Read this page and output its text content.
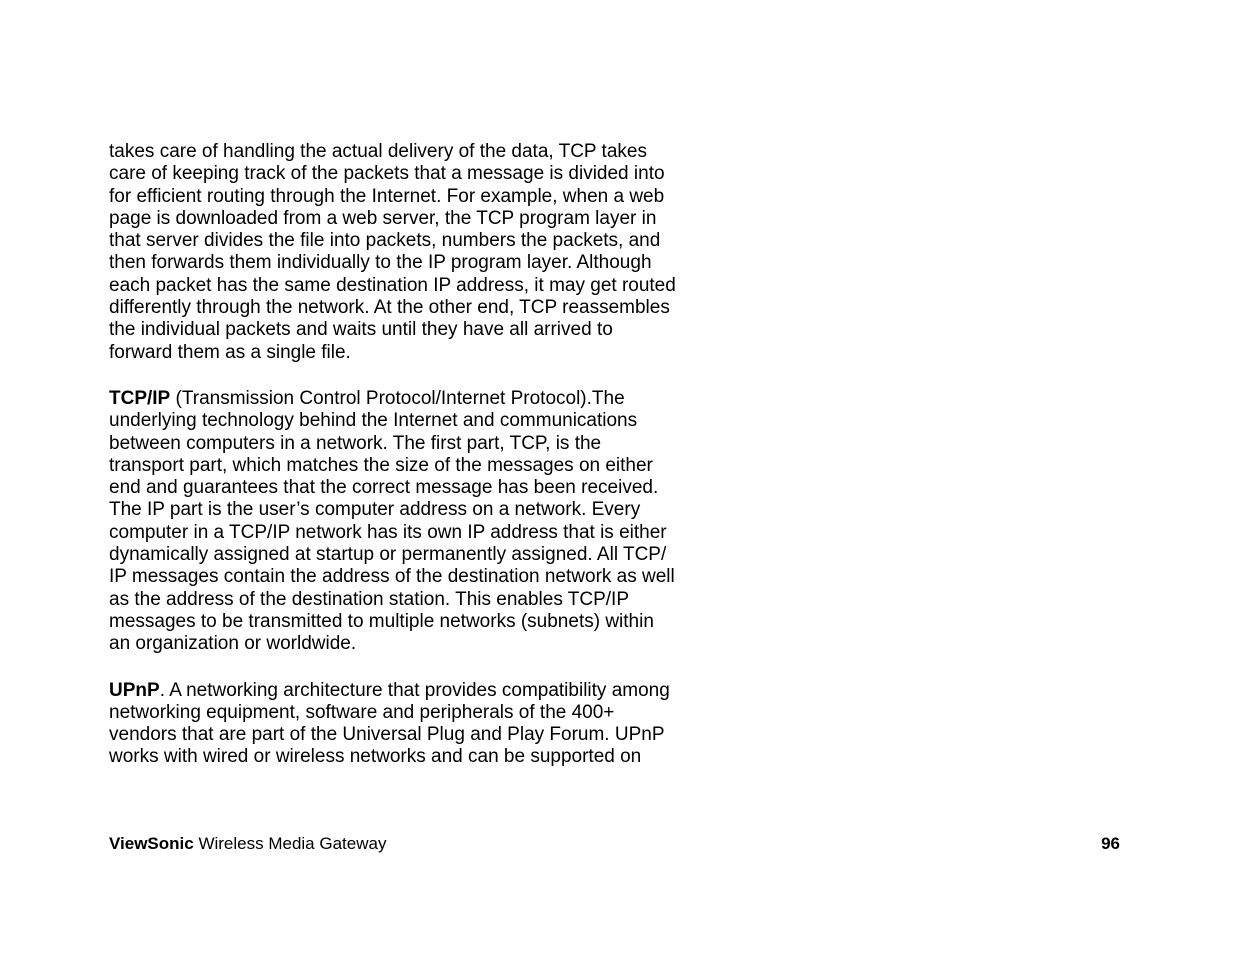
takes care of handling the actual delivery of the data, TCP takes
care of keeping track of the packets that a message is divided into
for efficient routing through the Internet. For example, when a web
page is downloaded from a web server, the TCP program layer in
that server divides the file into packets, numbers the packets, and
then forwards them individually to the IP program layer. Although
each packet has the same destination IP address, it may get routed
differently through the network. At the other end, TCP reassembles
the individual packets and waits until they have all arrived to
forward them as a single file.

TCP/IP (Transmission Control Protocol/Internet Protocol).The
underlying technology behind the Internet and communications
between computers in a network. The first part, TCP, is the
transport part, which matches the size of the messages on either
end and guarantees that the correct message has been received.
The IP part is the user’s computer address on a network. Every
computer in a TCP/IP network has its own IP address that is either
dynamically assigned at startup or permanently assigned. All TCP/
IP messages contain the address of the destination network as well
as the address of the destination station. This enables TCP/IP
messages to be transmitted to multiple networks (subnets) within
an organization or worldwide.

UPnP. A networking architecture that provides compatibility among
networking equipment, software and peripherals of the 400+
vendors that are part of the Universal Plug and Play Forum. UPnP
works with wired or wireless networks and can be supported on

ViewSonic Wireless Media Gateway	96
